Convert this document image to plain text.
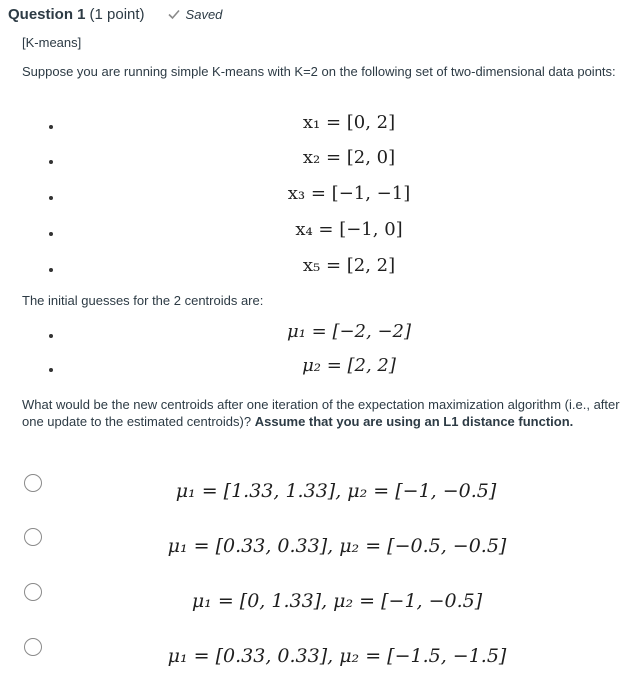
Question 1 (1 point)	Saved
[K-means]
Suppose you are running simple K-means with K=2 on the following set of two-dimensional data points:
x₁ = [0, 2]
x₂ = [2, 0]
x₃ = [−1, −1]
x₄ = [−1, 0]
x₅ = [2, 2]
The initial guesses for the 2 centroids are:
μ₁ = [−2, −2]
μ₂ = [2, 2]
What would be the new centroids after one iteration of the expectation maximization algorithm (i.e., after one update to the estimated centroids)? Assume that you are using an L1 distance function.
μ₁ = [1.33, 1.33], μ₂ = [−1, −0.5]
μ₁ = [0.33, 0.33], μ₂ = [−0.5, −0.5]
μ₁ = [0, 1.33], μ₂ = [−1, −0.5]
μ₁ = [0.33, 0.33], μ₂ = [−1.5, −1.5]
